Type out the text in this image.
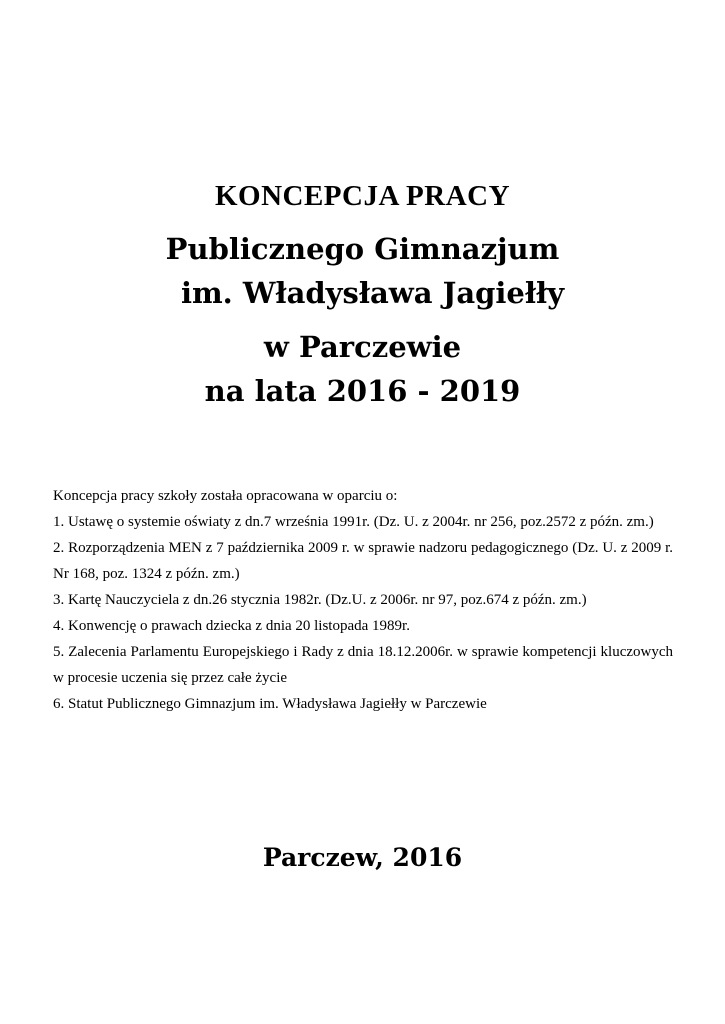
KONCEPCJA PRACY
Publicznego Gimnazjum
im. Władysława Jagiełły
w Parczewie
na lata 2016 - 2019

Koncepcja pracy szkoły została opracowana w oparciu o:

1. Ustawę o systemie oświaty z dn.7 września 1991r. (Dz. U. z 2004r. nr 256, poz.2572 z późn. zm.)

2. Rozporządzenia MEN z 7 października 2009 r. w sprawie nadzoru pedagogicznego (Dz. U. z 2009 r. Nr 168, poz. 1324 z późn. zm.)

3. Kartę Nauczyciela z dn.26 stycznia 1982r. (Dz.U. z 2006r. nr 97, poz.674 z późn. zm.)

4. Konwencję o prawach dziecka z dnia 20 listopada 1989r.

5. Zalecenia Parlamentu Europejskiego i Rady z dnia 18.12.2006r. w sprawie kompetencji kluczowych w procesie uczenia się przez całe życie

6. Statut Publicznego Gimnazjum im. Władysława Jagiełły w Parczewie

Parczew, 2016
